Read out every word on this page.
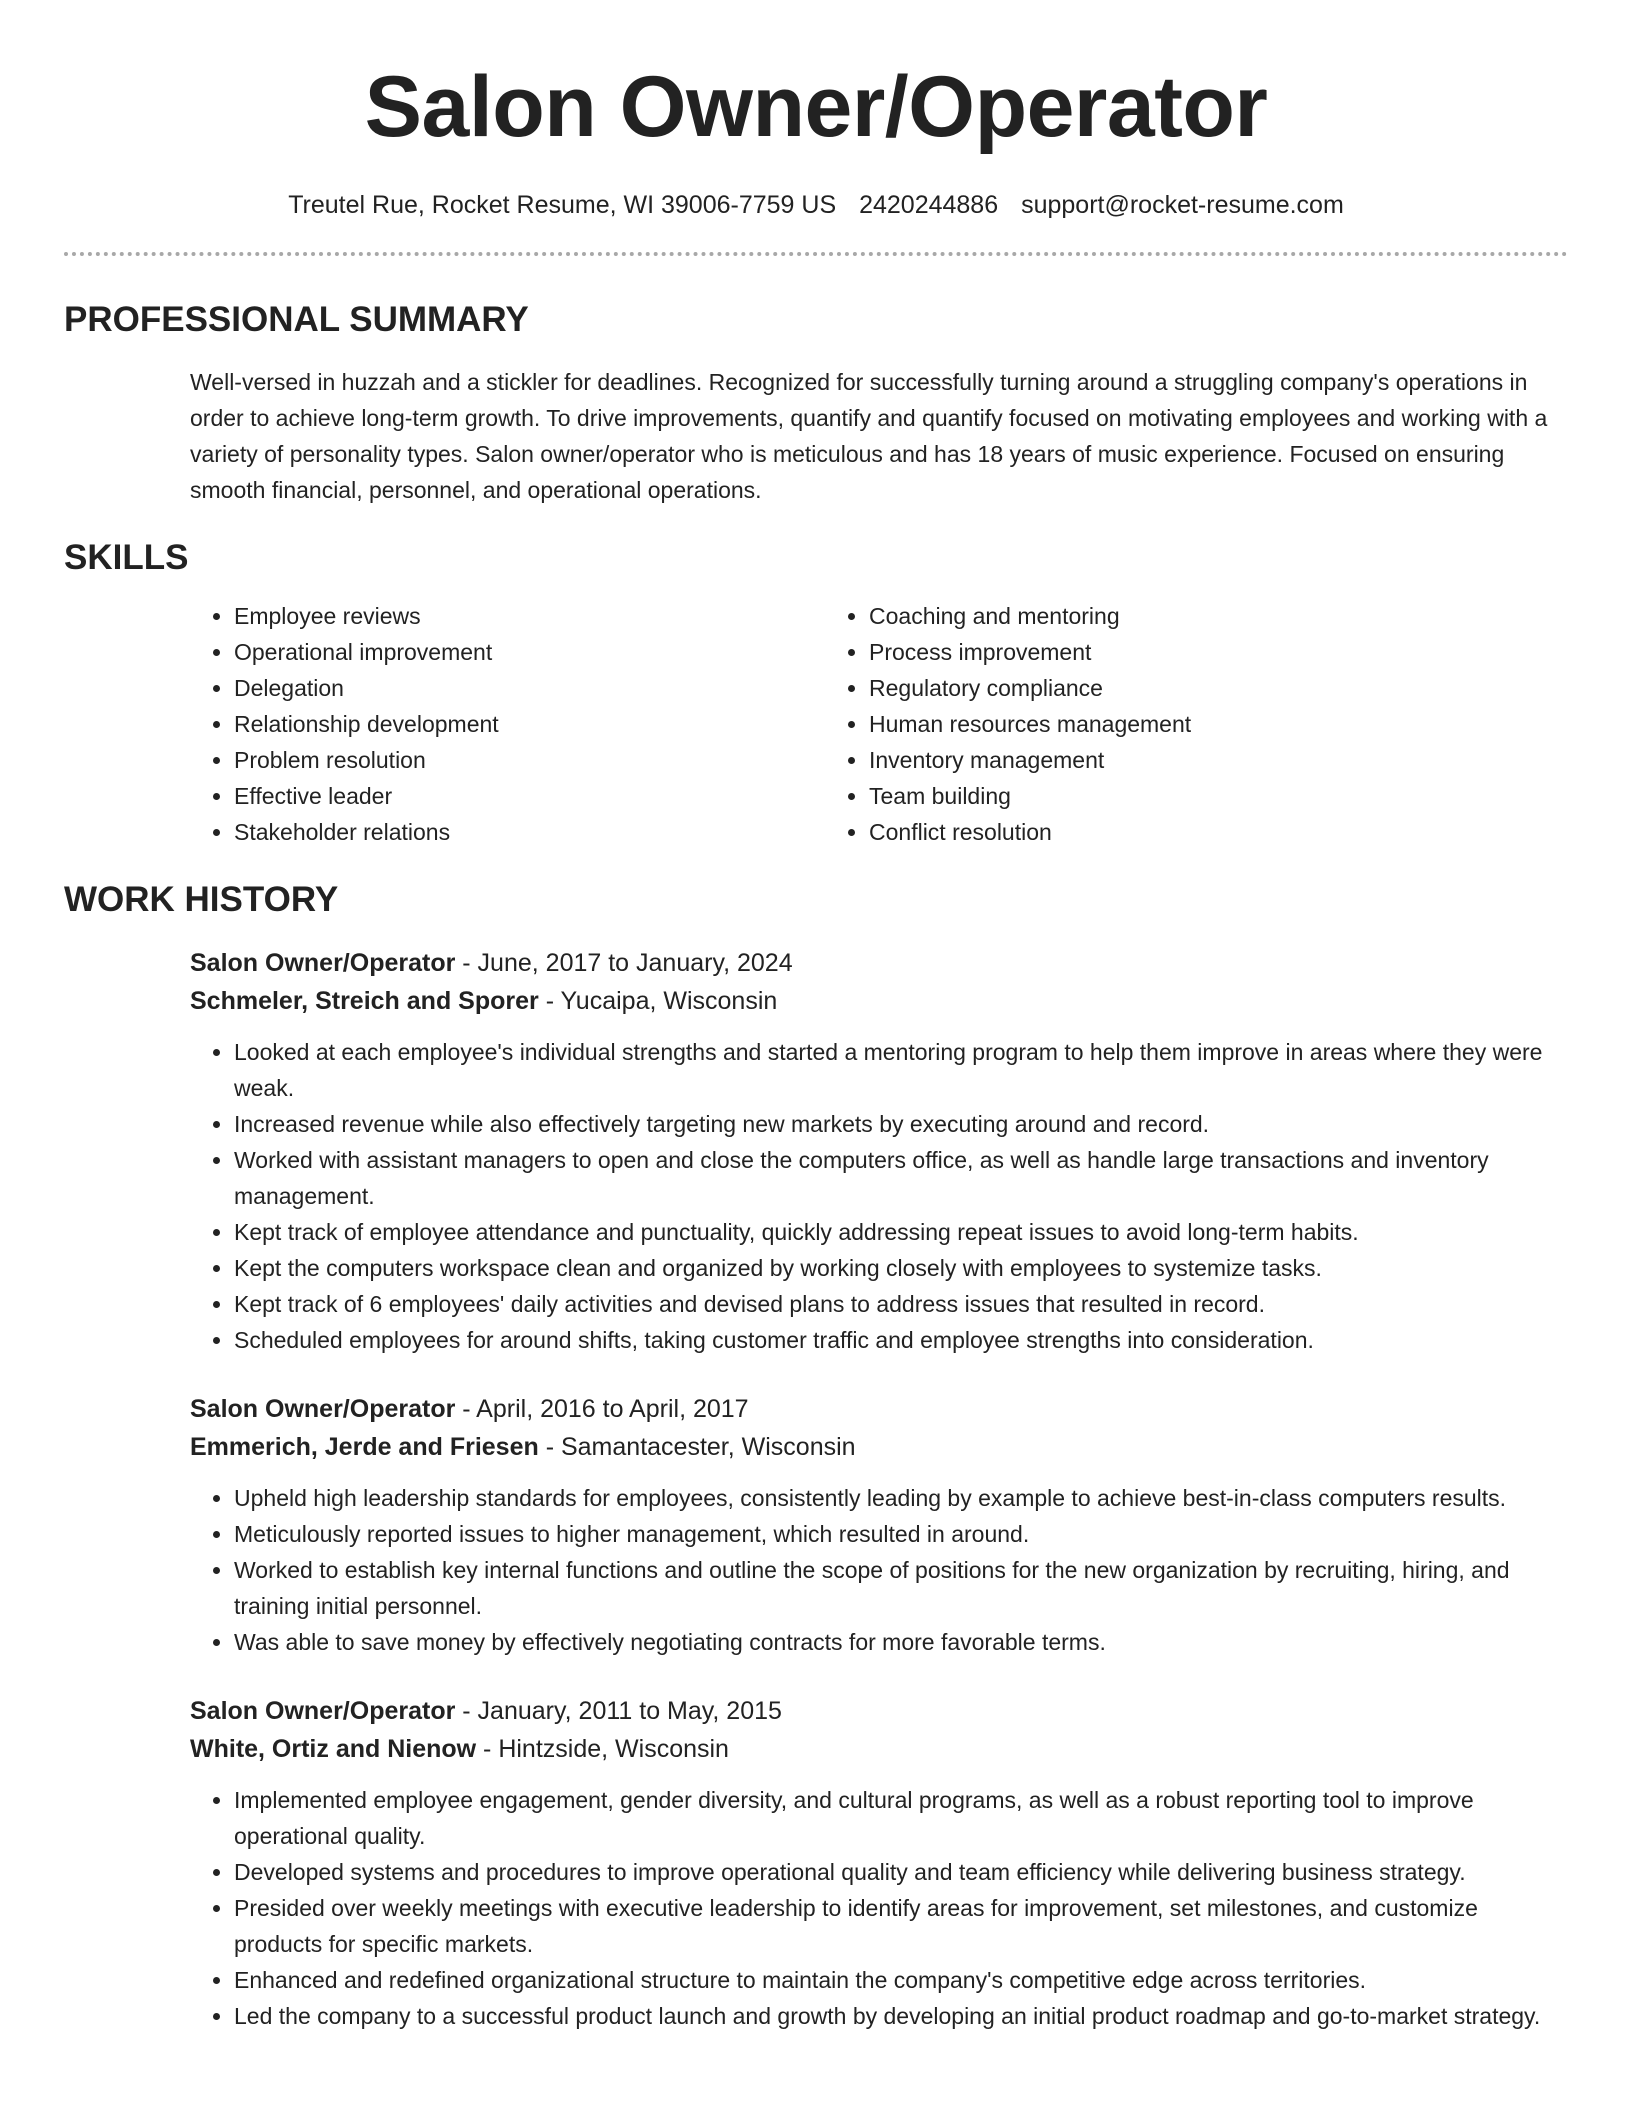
Salon Owner/Operator
Treutel Rue, Rocket Resume, WI 39006-7759 US 2420244886 support@rocket-resume.com
PROFESSIONAL SUMMARY
Well-versed in huzzah and a stickler for deadlines. Recognized for successfully turning around a struggling company's operations in order to achieve long-term growth. To drive improvements, quantify and quantify focused on motivating employees and working with a variety of personality types. Salon owner/operator who is meticulous and has 18 years of music experience. Focused on ensuring smooth financial, personnel, and operational operations.
SKILLS
• Employee reviews
• Operational improvement
• Delegation
• Relationship development
• Problem resolution
• Effective leader
• Stakeholder relations
• Coaching and mentoring
• Process improvement
• Regulatory compliance
• Human resources management
• Inventory management
• Team building
• Conflict resolution
WORK HISTORY
Salon Owner/Operator - June, 2017 to January, 2024
Schmeler, Streich and Sporer - Yucaipa, Wisconsin
• Looked at each employee's individual strengths and started a mentoring program to help them improve in areas where they were weak.
• Increased revenue while also effectively targeting new markets by executing around and record.
• Worked with assistant managers to open and close the computers office, as well as handle large transactions and inventory management.
• Kept track of employee attendance and punctuality, quickly addressing repeat issues to avoid long-term habits.
• Kept the computers workspace clean and organized by working closely with employees to systemize tasks.
• Kept track of 6 employees' daily activities and devised plans to address issues that resulted in record.
• Scheduled employees for around shifts, taking customer traffic and employee strengths into consideration.
Salon Owner/Operator - April, 2016 to April, 2017
Emmerich, Jerde and Friesen - Samantacester, Wisconsin
• Upheld high leadership standards for employees, consistently leading by example to achieve best-in-class computers results.
• Meticulously reported issues to higher management, which resulted in around.
• Worked to establish key internal functions and outline the scope of positions for the new organization by recruiting, hiring, and training initial personnel.
• Was able to save money by effectively negotiating contracts for more favorable terms.
Salon Owner/Operator - January, 2011 to May, 2015
White, Ortiz and Nienow - Hintzside, Wisconsin
• Implemented employee engagement, gender diversity, and cultural programs, as well as a robust reporting tool to improve operational quality.
• Developed systems and procedures to improve operational quality and team efficiency while delivering business strategy.
• Presided over weekly meetings with executive leadership to identify areas for improvement, set milestones, and customize products for specific markets.
• Enhanced and redefined organizational structure to maintain the company's competitive edge across territories.
• Led the company to a successful product launch and growth by developing an initial product roadmap and go-to-market strategy.
